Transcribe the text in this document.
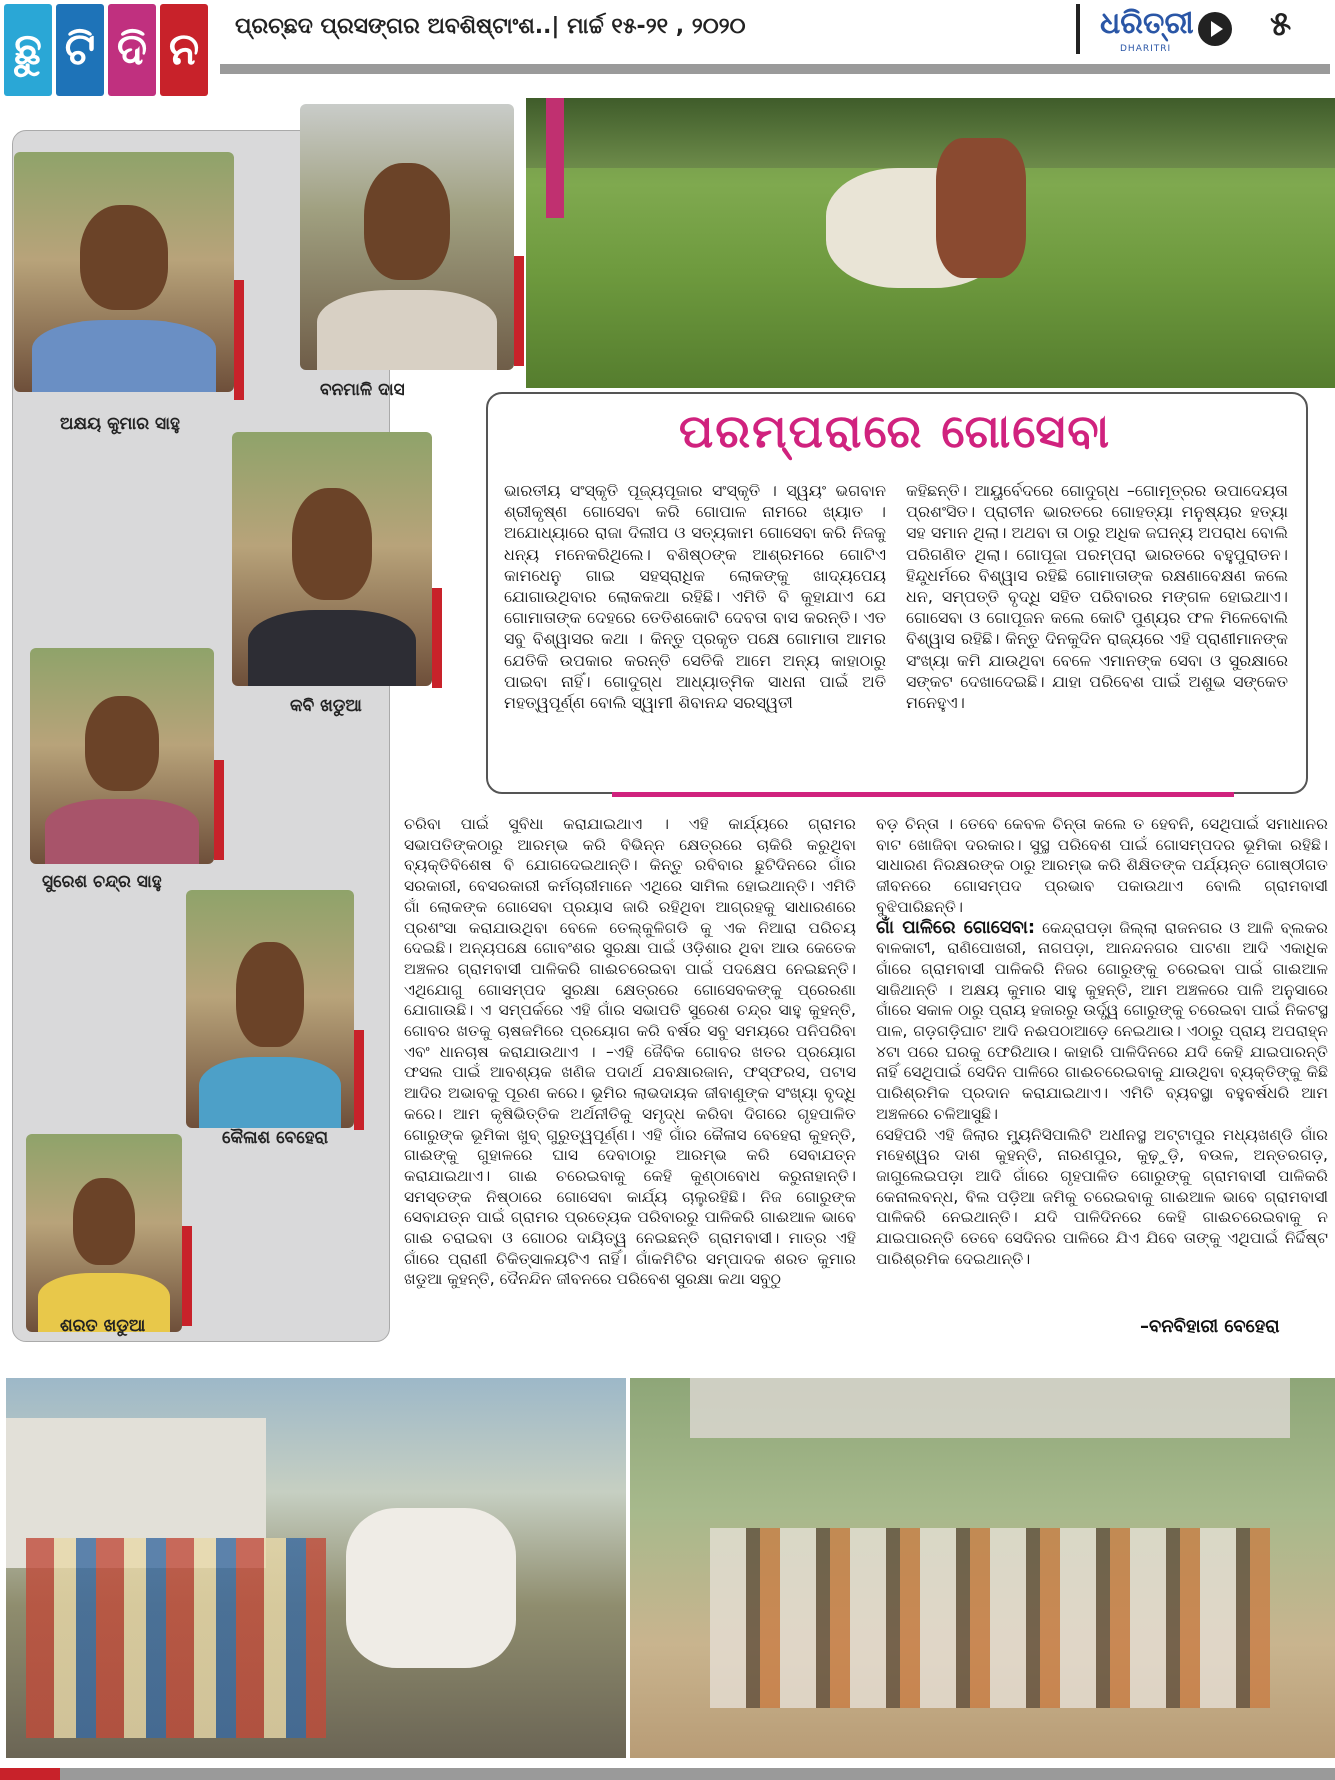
ଛୁ ଟି ଦି ନ	ପ୍ରଚ୍ଛଦ ପ୍ରସଙ୍ଗର ଅବଶିଷ୍ଟାଂଶ..| ମାର୍ଚ୍ଚ ୧୫-୨୧ , ୨୦୨୦	ଧରିତ୍ରୀ
DHARITRI
୫
ଅକ୍ଷୟ କୁମାର ସାହୁ
ବନମାଳି ଦାସ
କବି ଖଡୁଆ
ସୁରେଶ ଚନ୍ଦ୍ର ସାହୁ
କୈଳାଶ ବେହେରା
ଶରତ ଖଡୁଆ
ପରମ୍ପରାରେ ଗୋସେବା
ଭାରତୀୟ ସଂସ୍କୃତି ପୂଜ୍ୟପୂଜାର ସଂସ୍କୃତି । ସ୍ୱୟଂ ଭଗବାନ ଶ୍ରୀକୃଷ୍ଣ ଗୋସେବା କରି ଗୋପାଳ ନାମରେ ଖ୍ୟାତ । ଅଯୋଧ୍ୟାରେ ରାଜା ଦିଲୀପ ଓ ସତ୍ୟକାମ ଗୋସେବା କରି ନିଜକୁ ଧନ୍ୟ ମନେକରିଥିଲେ। ବଶିଷ୍ଠଙ୍କ ଆଶ୍ରମରେ ଗୋଟିଏ କାମଧେନୁ ଗାଇ ସହସ୍ରାଧିକ ଲୋକଙ୍କୁ ଖାଦ୍ୟପେୟ ଯୋଗାଉଥିବାର ଲୋକକଥା ରହିଛି। ଏମିତି ବି କୁହାଯାଏ ଯେ ଗୋମାତାଙ୍କ ଦେହରେ ତେତିଶକୋଟି ଦେବତା ବାସ କରନ୍ତି। ଏତ ସବୁ ବିଶ୍ୱାସର କଥା । କିନ୍ତୁ ପ୍ରକୃତ ପକ୍ଷେ ଗୋମାତା ଆମର ଯେତିକି ଉପକାର କରନ୍ତି ସେତିକି ଆମେ ଅନ୍ୟ କାହାଠାରୁ ପାଇବା ନାହିଁ। ଗୋଦୁଗ୍ଧ ଆଧ୍ୟାତ୍ମିକ ସାଧନା ପାଇଁ ଅତି ମହତ୍ୱପୂର୍ଣ୍ଣ ବୋଲି ସ୍ୱାମୀ ଶିବାନନ୍ଦ ସରସ୍ୱତୀ
କହିଛନ୍ତି। ଆୟୁର୍ବେଦରେ ଗୋଦୁଗ୍ଧ –ଗୋମୂତ୍ରର ଉପାଦେୟତା ପ୍ରଶଂସିତ। ପ୍ରାଚୀନ ଭାରତରେ ଗୋହତ୍ୟା ମନୁଷ୍ୟର ହତ୍ୟା ସହ ସମାନ ଥିଲା। ଅଥବା ତା ଠାରୁ ଅଧିକ ଜଘନ୍ୟ ଅପରାଧ ବୋଲି ପରିଗଣିତ ଥିଲା। ଗୋପୂଜା ପରମ୍ପରା ଭାରତରେ ବହୁପୁରାତନ। ହିନ୍ଦୁଧର୍ମରେ ବିଶ୍ୱାସ ରହିଛି ଗୋମାତାଙ୍କ ରକ୍ଷଣାବେକ୍ଷଣ କଲେ ଧନ, ସମ୍ପତ୍ତି ବୃଦ୍ଧି ସହିତ ପରିବାରର ମଙ୍ଗଳ ହୋଇଥାଏ। ଗୋସେବା ଓ ଗୋପୂଜନ କଲେ କୋଟି ପୁଣ୍ୟର ଫଳ ମିଳେବୋଲି ବିଶ୍ୱାସ ରହିଛି। କିନ୍ତୁ ଦିନକୁଦିନ ରାଜ୍ୟରେ ଏହି ପ୍ରାଣୀମାନଙ୍କ ସଂଖ୍ୟା କମି ଯାଉଥିବା ବେଳେ ଏମାନଙ୍କ ସେବା ଓ ସୁରକ୍ଷାରେ ସଙ୍କଟ ଦେଖାଦେଇଛି। ଯାହା ପରିବେଶ ପାଇଁ ଅଶୁଭ ସଙ୍କେତ ମନେହୁଏ।
ଚରିବା ପାଇଁ ସୁବିଧା କରାଯାଇଥାଏ । ଏହି କାର୍ଯ୍ୟରେ ଗ୍ରାମର ସଭାପତିଙ୍କଠାରୁ ଆରମ୍ଭ କରି ବିଭିନ୍ନ କ୍ଷେତ୍ରରେ ଚାକିରି କରୁଥିବା ବ୍ୟକ୍ତିବିଶେଷ ବି ଯୋଗଦେଇଥାନ୍ତି। କିନ୍ତୁ ରବିବାର ଛୁଟିଦିନରେ ଗାଁର ସରକାରୀ, ବେସରକାରୀ କର୍ମଚାରୀମାନେ ଏଥିରେ ସାମିଲ ହୋଇଥାନ୍ତି। ଏମିତି ଗାଁ ଲୋକଙ୍କ ଗୋସେବା ପ୍ରୟାସ ଜାରି ରହିଥିବା ଆଗ୍ରହକୁ ସାଧାରଣରେ ପ୍ରଶଂସା କରାଯାଉଥିବା ବେଳେ ତେଲ୍କୁଳିଗଡି କୁ ଏକ ନିଆରା ପରିଚୟ ଦେଇଛି। ଅନ୍ୟପକ୍ଷେ ଗୋବଂଶର ସୁରକ୍ଷା ପାଇଁ ଓଡ଼ିଶାର ଥିବା ଆଉ କେତେକ ଅଞ୍ଚଳର ଗ୍ରାମବାସୀ ପାଳିକରି ଗାଈଚରେଇବା ପାଇଁ ପଦକ୍ଷେପ ନେଇଛନ୍ତି। ଏଥିଯୋଗୁ ଗୋସମ୍ପଦ ସୁରକ୍ଷା କ୍ଷେତ୍ରରେ ଗୋସେବକଙ୍କୁ ପ୍ରେରଣା ଯୋଗାଉଛି। ଏ ସମ୍ପର୍କରେ ଏହି ଗାଁର ସଭାପତି ସୁରେଶ ଚନ୍ଦ୍ର ସାହୁ କୁହନ୍ତି, ଗୋବର ଖତକୁ ଚାଷଜମିରେ ପ୍ରୟୋଗ କରି ବର୍ଷର ସବୁ ସମୟରେ ପନିପରିବା ଏବଂ ଧାନଚାଷ କରାଯାଉଥାଏ । –ଏହି ଜୈବିକ ଗୋବର ଖତର ପ୍ରୟୋଗ ଫସଲ ପାଇଁ ଆବଶ୍ୟକ ଖଣିଜ ପଦାର୍ଥ ଯବକ୍ଷାରଜାନ, ଫସ୍‌ଫରସ, ପଟାସ ଆଦିର ଅଭାବକୁ ପୂରଣ କରେ। ଭୂମିର ଲାଭଦାୟକ ଜୀବାଣୁଙ୍କ ସଂଖ୍ୟା ବୃଦ୍ଧି କରେ। ଆମ କୃଷିଭିତ୍ତିକ ଅର୍ଥନୀତିକୁ ସମୃଦ୍ଧ କରିବା ଦିଗରେ ଗୃହପାଳିତ ଗୋରୁଙ୍କ ଭୂମିକା ଖୁବ୍ ଗୁରୁତ୍ୱପୂର୍ଣ୍ଣ। ଏହି ଗାଁର କୈଳାସ ବେହେରା କୁହନ୍ତି, ଗାଈଙ୍କୁ ଗୁହାଳରେ ଘାସ ଦେବାଠାରୁ ଆରମ୍ଭ କରି ସେବାଯତ୍ନ କରାଯାଇଥାଏ। ଗାଈ ଚରେଇବାକୁ କେହି କୁଣ୍ଠାବୋଧ କରୁନାହାନ୍ତି। ସମସ୍ତଙ୍କ ନିଷ୍ଠାରେ ଗୋସେବା କାର୍ଯ୍ୟ ଚାଲୁରହିଛି। ନିଜ ଗୋରୁଙ୍କ ସେବାଯତ୍ନ ପାଇଁ ଗ୍ରାମର ପ୍ରତ୍ୟେକ ପରିବାରରୁ ପାଳିକରି ଗାଈଆଳ ଭାବେ ଗାଈ ଚରାଇବା ଓ ଗୋଠର ଦାୟିତ୍ୱ ନେଇଛନ୍ତି ଗ୍ରାମବାସୀ। ମାତ୍ର ଏହି ଗାଁରେ ପ୍ରାଣୀ ଚିକିତ୍ସାଳୟଟିଏ ନାହିଁ। ଗାଁକମିଟିର ସମ୍ପାଦକ ଶରତ କୁମାର ଖଡୁଆ କୁହନ୍ତି, ଦୈନନ୍ଦିନ ଜୀବନରେ ପରିବେଶ ସୁରକ୍ଷା କଥା ସବୁଠୁ

ବଡ଼ ଚିନ୍ତା । ତେବେ କେବଳ ଚିନ୍ତା କଲେ ତ ହେବନି, ସେଥିପାଇଁ ସମାଧାନର ବାଟ ଖୋଜିବା ଦରକାର। ସୁସ୍ଥ ପରିବେଶ ପାଇଁ ଗୋସମ୍ପଦର ଭୂମିକା ରହିଛି। ସାଧାରଣ ନିରକ୍ଷରଙ୍କ ଠାରୁ ଆରମ୍ଭ କରି ଶିକ୍ଷିତଙ୍କ ପର୍ଯ୍ୟନ୍ତ ଗୋଷ୍ଠୀଗତ ଜୀବନରେ ଗୋସମ୍ପଦ ପ୍ରଭାବ ପକାଉଥାଏ ବୋଲି ଗ୍ରାମବାସୀ ବୁଝିପାରିଛନ୍ତି।

ଗାଁ ପାଳିରେ ଗୋସେବା: କେନ୍ଦ୍ରାପଡ଼ା ଜିଲ୍ଲା ରାଜନଗର ଓ ଆଳି ବ୍ଲକର ବାଳକାଟୀ, ରାଣିପୋଖରୀ, ନାଗପଡ଼ା, ଆନନ୍ଦନଗର ପାଟଣା ଆଦି ଏକାଧିକ ଗାଁରେ ଗ୍ରାମବାସୀ ପାଳିକରି ନିଜର ଗୋରୁଙ୍କୁ ଚରେଇବା ପାଇଁ ଗାଈଆଳ ସାଜିଥାନ୍ତି । ଅକ୍ଷୟ କୁମାର ସାହୁ କୁହନ୍ତି, ଆମ ଅଞ୍ଚଳରେ ପାଳି ଅନୁସାରେ ଗାଁରେ ସକାଳ ଠାରୁ ପ୍ରାୟ ହଜାରରୁ ଉର୍ଦ୍ଧ୍ୱ ଗୋରୁଙ୍କୁ ଚରେଇବା ପାଇଁ ନିକଟସ୍ଥ ପାଳ, ଗଡ଼ଗଡ଼ିଘାଟ ଆଦି ନଈପଠାଆଡ଼େ ନେଇଥାଉ। ଏଠାରୁ ପ୍ରାୟ ଅପରାହ୍ନ ୪ଟା ପରେ ଘରକୁ ଫେରିଥାଉ। କାହାରି ପାଳିଦିନରେ ଯଦି କେହି ଯାଇପାରନ୍ତି ନାହିଁ ସେଥିପାଇଁ ସେଦିନ ପାଳିରେ ଗାଈଚରେଇବାକୁ ଯାଉଥିବା ବ୍ୟକ୍ତିଙ୍କୁ କିଛି ପାରିଶ୍ରମିକ ପ୍ରଦାନ କରାଯାଇଥାଏ। ଏମିତି ବ୍ୟବସ୍ଥା ବହୁବର୍ଷଧରି ଆମ ଅଞ୍ଚଳରେ ଚଳିଆସୁଛି।

ସେହିପରି ଏହି ଜିଲାର ମ୍ୟୁନିସିପାଲିଟି ଅଧୀନସ୍ଥ ଅଟ୍ଟାପୁର ମଧ୍ୟଖଣ୍ଡି ଗାଁର ମହେଶ୍ୱର ଦାଶ କୁହନ୍ତି, ନାରଣପୁର, କୁଢ଼ୁଡ଼ି, ବଉଳ, ଅନ୍ତରଗଡ଼, ଜାଗୁଲେଇପଡ଼ା ଆଦି ଗାଁରେ ଗୃହପାଳିତ ଗୋରୁଙ୍କୁ ଗ୍ରାମବାସୀ ପାଳିକରି କେନାଲବନ୍ଧ, ବିଲ ପଡ଼ିଆ ଜମିକୁ ଚରେଇବାକୁ ଗାଈଆଳ ଭାବେ ଗ୍ରାମବାସୀ ପାଳିକରି ନେଇଥାନ୍ତି। ଯଦି ପାଳିଦିନରେ କେହି ଗାଈଚରେଇବାକୁ ନ ଯାଇପାରନ୍ତି ତେବେ ସେଦିନର ପାଳିରେ ଯିଏ ଯିବେ ତାଙ୍କୁ ଏଥିପାଇଁ ନିର୍ଦ୍ଦିଷ୍ଟ ପାରିଶ୍ରମିକ ଦେଇଥାନ୍ତି।

–ବନବିହାରୀ ବେହେରା
